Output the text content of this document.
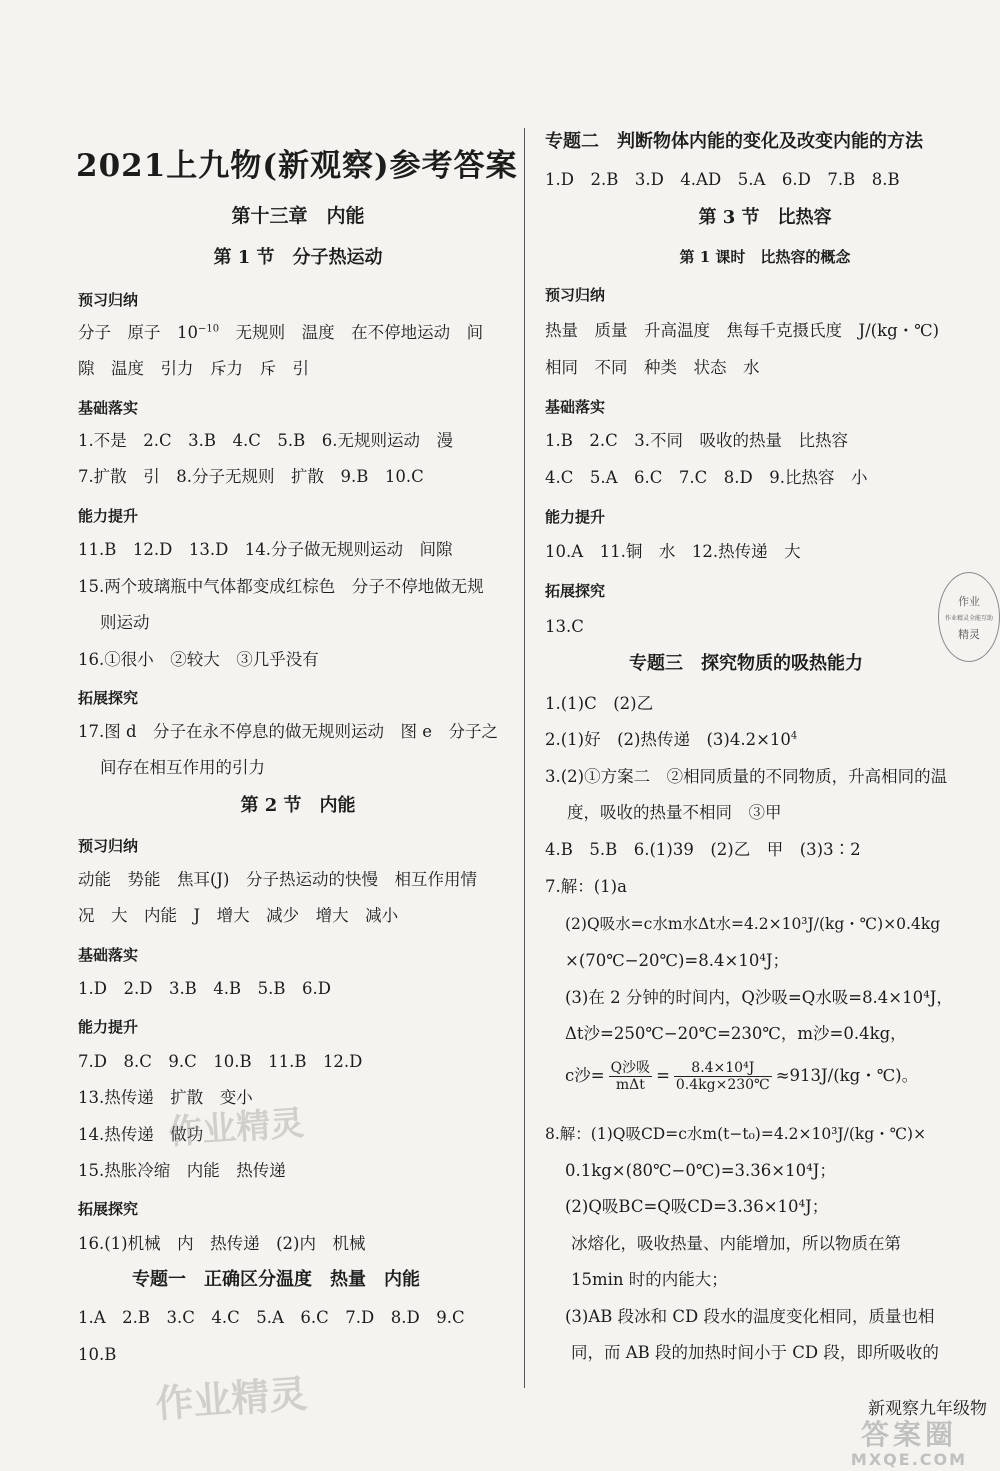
2021上九物(新观察)参考答案
第十三章　内能
第 1 节　分子热运动
预习归纳
分子　原子　$10^{-10}$　无规则　温度　在不停地运动　间
隙　温度　引力　斥力　斥　引
基础落实
1.不是　2.C　3.B　4.C　5.B　6.无规则运动　漫
7.扩散　引　8.分子无规则　扩散　9.B　10.C
能力提升
11.B　12.D　13.D　14.分子做无规则运动　间隙
15.两个玻璃瓶中气体都变成红棕色　分子不停地做无规
则运动
16.①很小　②较大　③几乎没有
拓展探究
17.图 d　分子在永不停息的做无规则运动　图 e　分子之
间存在相互作用的引力
第 2 节　内能
预习归纳
动能　势能　焦耳(J)　分子热运动的快慢　相互作用情
况　大　内能　J　增大　减少　增大　减小
基础落实
1.D　2.D　3.B　4.B　5.B　6.D
能力提升
7.D　8.C　9.C　10.B　11.B　12.D
13.热传递　扩散　变小
14.热传递　做功
15.热胀冷缩　内能　热传递
拓展探究
16.(1)机械　内　热传递　(2)内　机械
专题一　正确区分温度　热量　内能
1.A　2.B　3.C　4.C　5.A　6.C　7.D　8.D　9.C
10.B
专题二　判断物体内能的变化及改变内能的方法
1.D　2.B　3.D　4.AD　5.A　6.D　7.B　8.B
第 3 节　比热容
第 1 课时　比热容的概念
预习归纳
热量　质量　升高温度　焦每千克摄氏度　J/(kg・℃)
相同　不同　种类　状态　水
基础落实
1.B　2.C　3.不同　吸收的热量　比热容
4.C　5.A　6.C　7.C　8.D　9.比热容　小
能力提升
10.A　11.铜　水　12.热传递　大
拓展探究
13.C
专题三　探究物质的吸热能力
1.(1)C　(2)乙
2.(1)好　(2)热传递　$(3)4.2\times 10^4$
3.(2)①方案二　②相同质量的不同物质，升高相同的温
度，吸收的热量不相同　③甲
4.B　5.B　6.(1)39　(2)乙　甲　(3)3∶2
7.解：(1)a
(2)Q吸水=c水m水Δt水=4.2×10³J/(kg・℃)×0.4kg
×(70℃−20℃)=8.4×10⁴J；
(3)在 2 分钟的时间内，Q沙吸=Q水吸=8.4×10⁴J，
Δt沙=250℃−20℃=230℃，m沙=0.4kg，
c沙= $\frac{\text{Q沙吸}}{\text{mΔt}} = \frac{\text{8.4×10⁴J}}{0.4kg\times 230℃} \approx 913J/(kg$・℃)。
8.解：(1)Q吸CD=c水m(t−t₀)=4.2×10³J/(kg・℃)×
0.1kg×(80℃−0℃)=3.36×10⁴J；
(2)Q吸BC=Q吸CD=3.36×10⁴J；
冰熔化，吸收热量、内能增加，所以物质在第
15min 时的内能大；
(3)AB 段冰和 CD 段水的温度变化相同，质量也相
同，而 AB 段的加热时间小于 CD 段，即所吸收的
作业
作业精灵全能互助
精灵
作业精灵
作业精灵	新观察九年级物
答案圈
MXQE.COM
